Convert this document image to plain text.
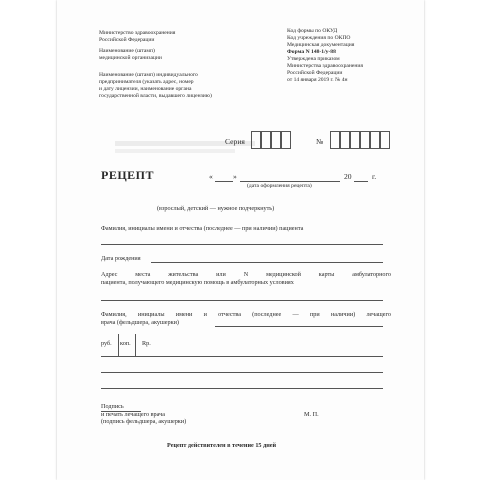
Министерство здравоохранения
Российской Федерации
Наименование (штамп)
медицинской организации
Наименование (штамп) индивидуального
предпринимателя (указать адрес, номер
и дату лицензии, наименование органа
государственной власти, выдавшего лицензию)
Код формы по ОКУД
Код учреждения по ОКПО
Медицинская документация
Форма N 148-1/у-88
Утверждена приказом
Министерства здравоохранения
Российской Федерации
от 14 января 2019 г. № 4н
Серия	№
РЕЦЕПТ	«	»	20	г.
(дата оформления рецепта)
(взрослый, детский — нужное подчеркнуть)
Фамилия, инициалы имени и отчества (последнее — при наличии) пациента
Дата рождения
Адрес места жительства или N медицинской карты амбулаторного
пациента, получающего медицинскую помощь в амбулаторных условиях
Фамилия, инициалы имени и отчества (последнее — при наличии) лечащего
врача (фельдшера, акушерки)
руб. коп. Rp.
Подпись
и печать лечащего врача
(подпись фельдшера, акушерки)
М. П.
Рецепт действителен в течение 15 дней
